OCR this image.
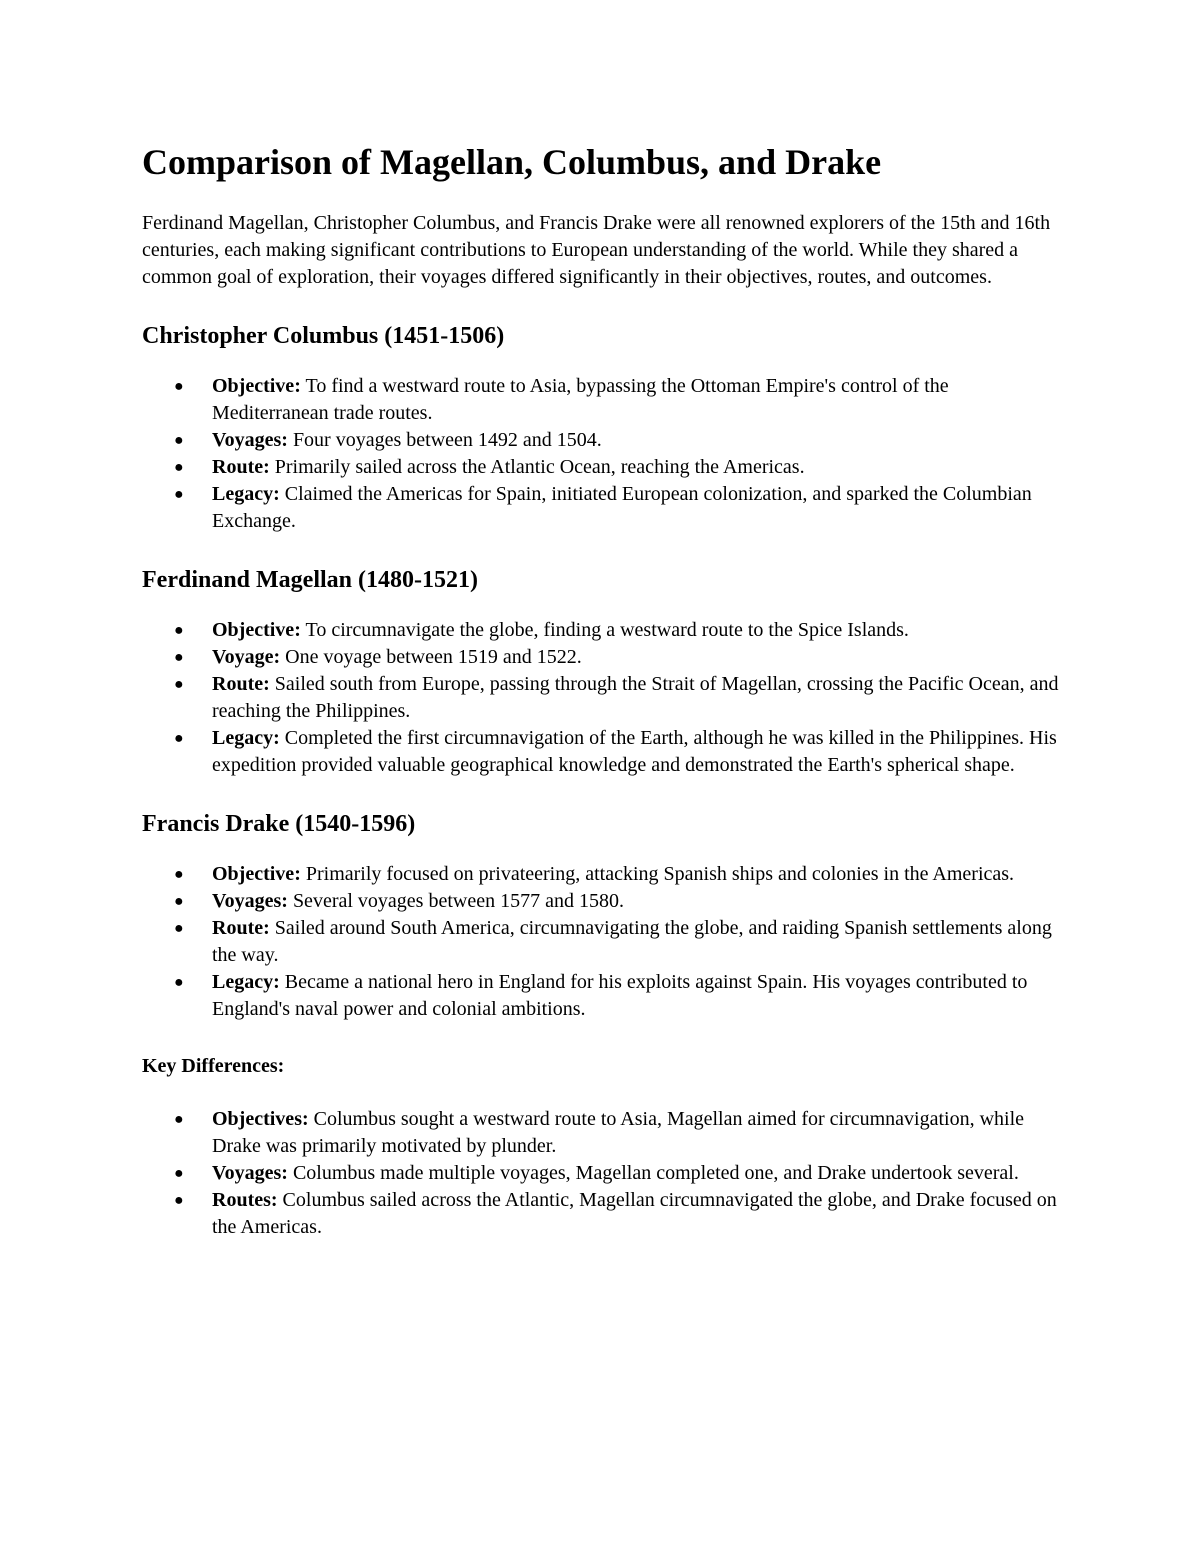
Comparison of Magellan, Columbus, and Drake

Ferdinand Magellan, Christopher Columbus, and Francis Drake were all renowned explorers of the 15th and 16th centuries, each making significant contributions to European understanding of the world. While they shared a common goal of exploration, their voyages differed significantly in their objectives, routes, and outcomes.

Christopher Columbus (1451-1506)
● Objective: To find a westward route to Asia, bypassing the Ottoman Empire's control of the Mediterranean trade routes.
● Voyages: Four voyages between 1492 and 1504.
● Route: Primarily sailed across the Atlantic Ocean, reaching the Americas.
● Legacy: Claimed the Americas for Spain, initiated European colonization, and sparked the Columbian Exchange.
Ferdinand Magellan (1480-1521)
● Objective: To circumnavigate the globe, finding a westward route to the Spice Islands.
● Voyage: One voyage between 1519 and 1522.
● Route: Sailed south from Europe, passing through the Strait of Magellan, crossing the Pacific Ocean, and reaching the Philippines.
● Legacy: Completed the first circumnavigation of the Earth, although he was killed in the Philippines. His expedition provided valuable geographical knowledge and demonstrated the Earth's spherical shape.
Francis Drake (1540-1596)
● Objective: Primarily focused on privateering, attacking Spanish ships and colonies in the Americas.
● Voyages: Several voyages between 1577 and 1580.
● Route: Sailed around South America, circumnavigating the globe, and raiding Spanish settlements along the way.
● Legacy: Became a national hero in England for his exploits against Spain. His voyages contributed to England's naval power and colonial ambitions.
Key Differences:
● Objectives: Columbus sought a westward route to Asia, Magellan aimed for circumnavigation, while Drake was primarily motivated by plunder.
● Voyages: Columbus made multiple voyages, Magellan completed one, and Drake undertook several.
● Routes: Columbus sailed across the Atlantic, Magellan circumnavigated the globe, and Drake focused on the Americas.
